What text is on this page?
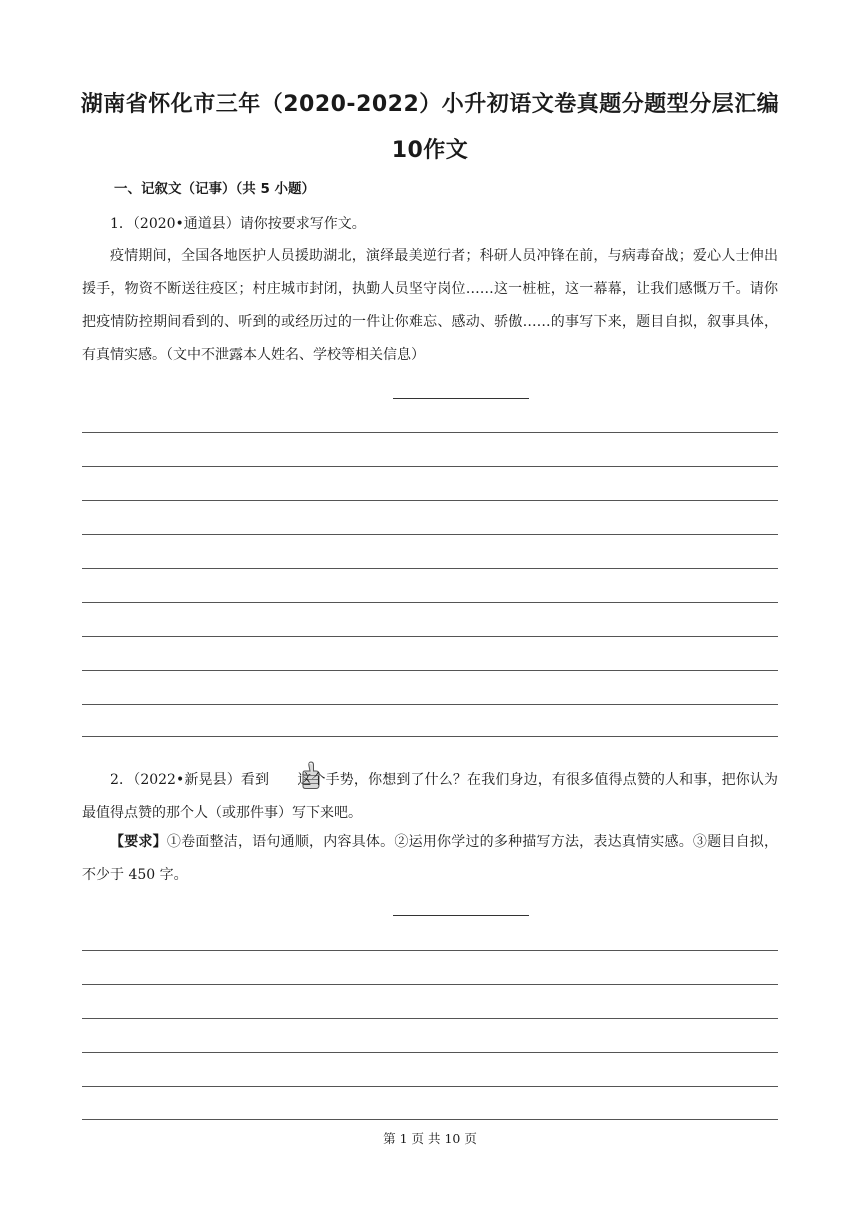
湖南省怀化市三年（2020-2022）小升初语文卷真题分题型分层汇编
10作文
一、记叙文（记事）（共 5 小题）
1．（2020•通道县）请你按要求写作文。
疫情期间，全国各地医护人员援助湖北，演绎最美逆行者；科研人员冲锋在前，与病毒奋战；爱心人士伸出援手，物资不断送往疫区；村庄城市封闭，执勤人员坚守岗位……这一桩桩，这一幕幕，让我们感慨万千。请你把疫情防控期间看到的、听到的或经历过的一件让你难忘、感动、骄傲……的事写下来，题目自拟，叙事具体，有真情实感。（文中不泄露本人姓名、学校等相关信息）
2．（2022•新晃县）看到 这个手势，你想到了什么？在我们身边，有很多值得点赞的人和事，把你认为最值得点赞的那个人（或那件事）写下来吧。
【要求】①卷面整洁，语句通顺，内容具体。②运用你学过的多种描写方法，表达真情实感。③题目自拟，不少于 450 字。
第 1 页 共 10 页
